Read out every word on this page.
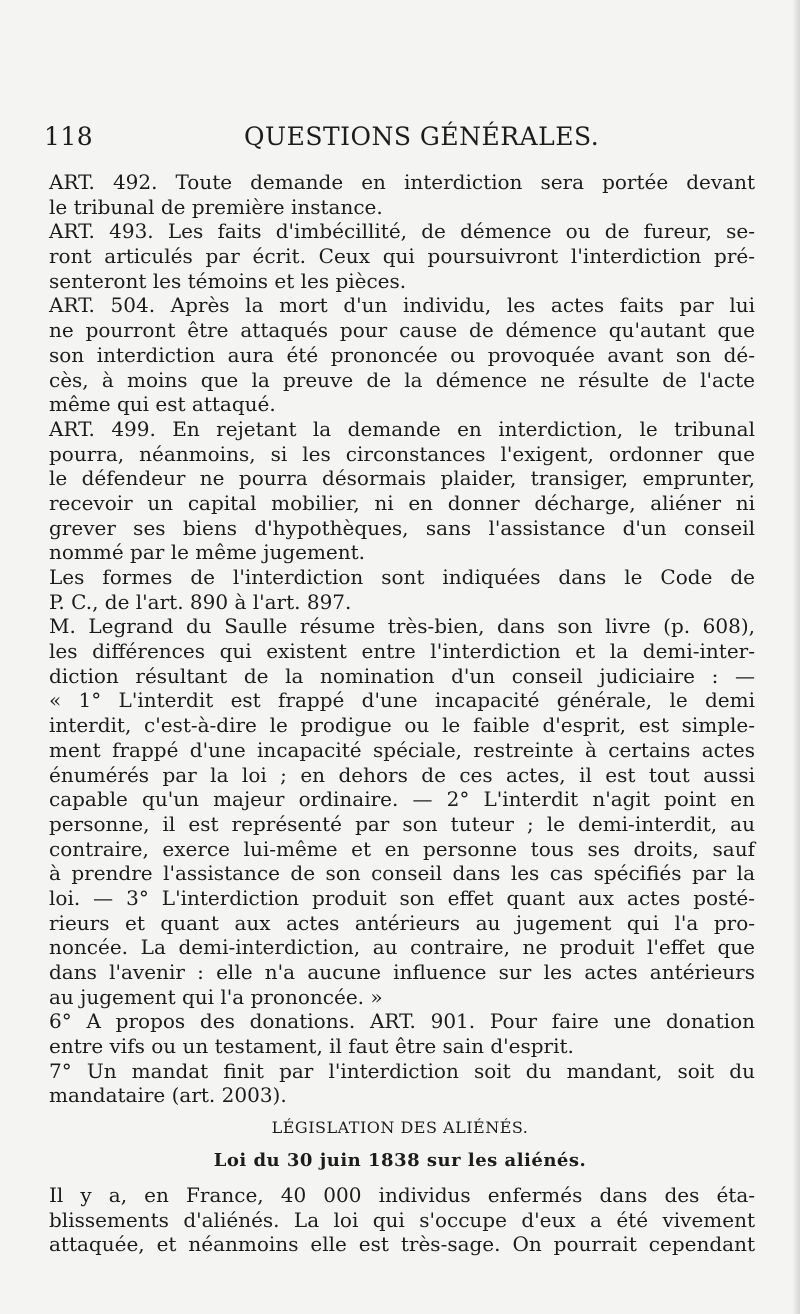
118	QUESTIONS GÉNÉRALES.
ART. 492. Toute demande en interdiction sera portée devant
le tribunal de première instance.
ART. 493. Les faits d'imbécillité, de démence ou de fureur, se-
ront articulés par écrit. Ceux qui poursuivront l'interdiction pré-
senteront les témoins et les pièces.
ART. 504. Après la mort d'un individu, les actes faits par lui
ne pourront être attaqués pour cause de démence qu'autant que
son interdiction aura été prononcée ou provoquée avant son dé-
cès, à moins que la preuve de la démence ne résulte de l'acte
même qui est attaqué.
ART. 499. En rejetant la demande en interdiction, le tribunal
pourra, néanmoins, si les circonstances l'exigent, ordonner que
le défendeur ne pourra désormais plaider, transiger, emprunter,
recevoir un capital mobilier, ni en donner décharge, aliéner ni
grever ses biens d'hypothèques, sans l'assistance d'un conseil
nommé par le même jugement.
Les formes de l'interdiction sont indiquées dans le Code de
P. C., de l'art. 890 à l'art. 897.
M. Legrand du Saulle résume très-bien, dans son livre (p. 608),
les différences qui existent entre l'interdiction et la demi-inter-
diction résultant de la nomination d'un conseil judiciaire : —
« 1° L'interdit est frappé d'une incapacité générale, le demi
interdit, c'est-à-dire le prodigue ou le faible d'esprit, est simple-
ment frappé d'une incapacité spéciale, restreinte à certains actes
énumérés par la loi ; en dehors de ces actes, il est tout aussi
capable qu'un majeur ordinaire. — 2° L'interdit n'agit point en
personne, il est représenté par son tuteur ; le demi-interdit, au
contraire, exerce lui-même et en personne tous ses droits, sauf
à prendre l'assistance de son conseil dans les cas spécifiés par la
loi. — 3° L'interdiction produit son effet quant aux actes posté-
rieurs et quant aux actes antérieurs au jugement qui l'a pro-
noncée. La demi-interdiction, au contraire, ne produit l'effet que
dans l'avenir : elle n'a aucune influence sur les actes antérieurs
au jugement qui l'a prononcée. »
6° A propos des donations. ART. 901. Pour faire une donation
entre vifs ou un testament, il faut être sain d'esprit.
7° Un mandat finit par l'interdiction soit du mandant, soit du
mandataire (art. 2003).
LÉGISLATION DES ALIÉNÉS.
Loi du 30 juin 1838 sur les aliénés.
Il y a, en France, 40 000 individus enfermés dans des éta-
blissements d'aliénés. La loi qui s'occupe d'eux a été vivement
attaquée, et néanmoins elle est très-sage. On pourrait cependant
